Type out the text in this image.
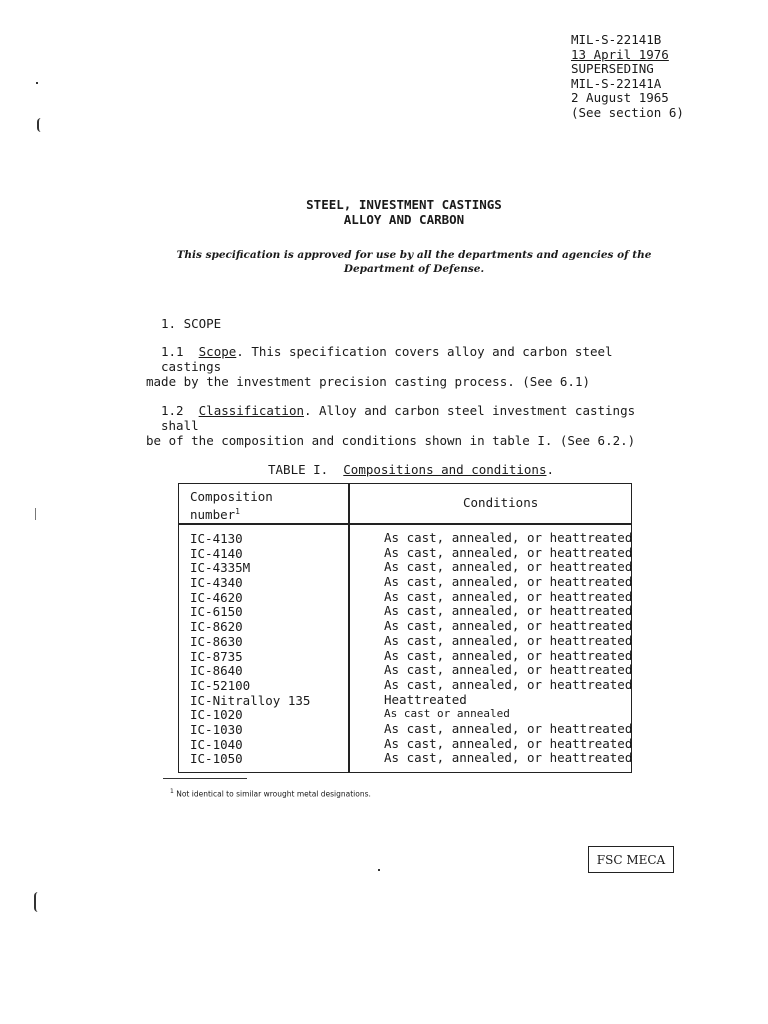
MIL-S-22141B
13 April 1976
SUPERSEDING
MIL-S-22141A
2 August 1965
(See section 6)
STEEL, INVESTMENT CASTINGS
ALLOY AND CARBON
This specification is approved for use by all the departments and agencies of the
Department of Defense.
1. SCOPE
1.1 Scope. This specification covers alloy and carbon steel castings
made by the investment precision casting process. (See 6.1)
1.2 Classification. Alloy and carbon steel investment castings shall
be of the composition and conditions shown in table I. (See 6.2.)
TABLE I. Compositions and conditions.
Composition
number$^1$
Conditions
IC-4130
IC-4140
IC-4335M
IC-4340
IC-4620
IC-6150
IC-8620
IC-8630
IC-8735
IC-8640
IC-52100
IC-Nitralloy 135
IC-1020
IC-1030
IC-1040
IC-1050
As cast, annealed, or heattreated
As cast, annealed, or heattreated
As cast, annealed, or heattreated
As cast, annealed, or heattreated
As cast, annealed, or heattreated
As cast, annealed, or heattreated
As cast, annealed, or heattreated
As cast, annealed, or heattreated
As cast, annealed, or heattreated
As cast, annealed, or heattreated
As cast, annealed, or heattreated
Heattreated
As cast or annealed
As cast, annealed, or heattreated
As cast, annealed, or heattreated
As cast, annealed, or heattreated
$^1$ Not identical to similar wrought metal designations.
FSC MECA
